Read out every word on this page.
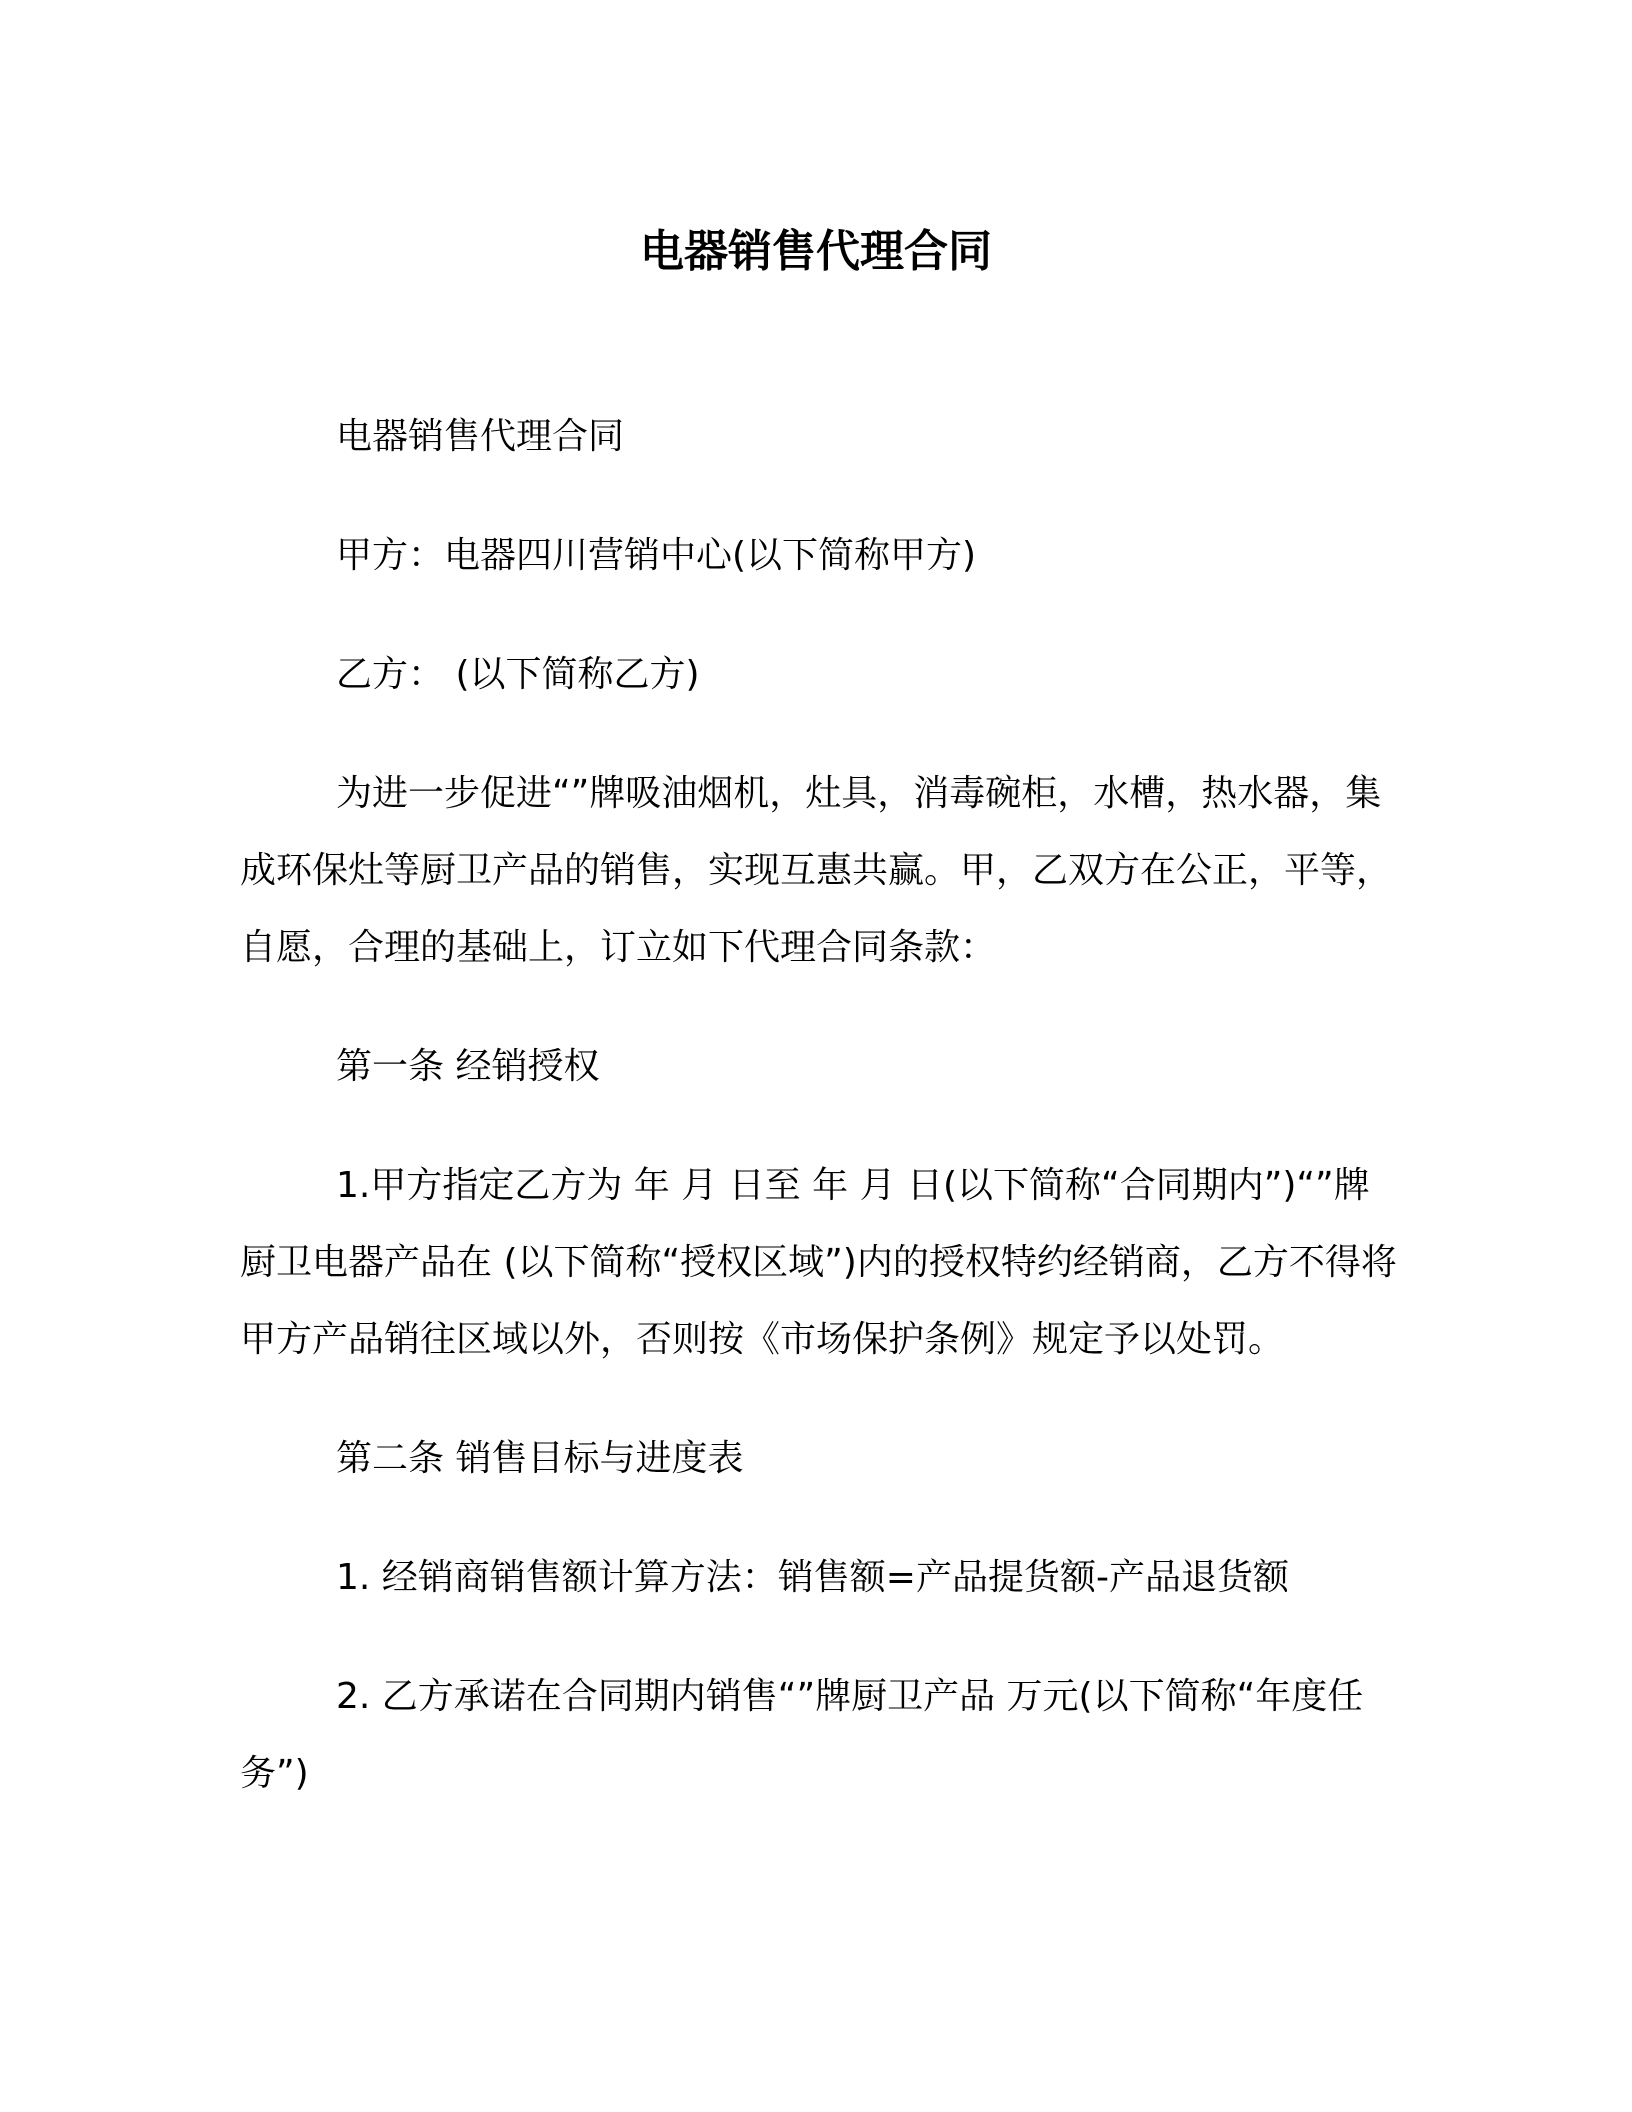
电器销售代理合同

电器销售代理合同

甲方：电器四川营销中心(以下简称甲方)

乙方： (以下简称乙方)

为进一步促进“”牌吸油烟机，灶具，消毒碗柜，水槽，热水器，集成环保灶等厨卫产品的销售，实现互惠共赢。甲，乙双方在公正，平等，自愿，合理的基础上，订立如下代理合同条款：

第一条 经销授权

1.甲方指定乙方为 年 月 日至 年 月 日(以下简称“合同期内”)“”牌厨卫电器产品在 (以下简称“授权区域”)内的授权特约经销商，乙方不得将甲方产品销往区域以外，否则按《市场保护条例》规定予以处罚。

第二条 销售目标与进度表

1. 经销商销售额计算方法：销售额=产品提货额-产品退货额

2. 乙方承诺在合同期内销售“”牌厨卫产品 万元(以下简称“年度任务”)
